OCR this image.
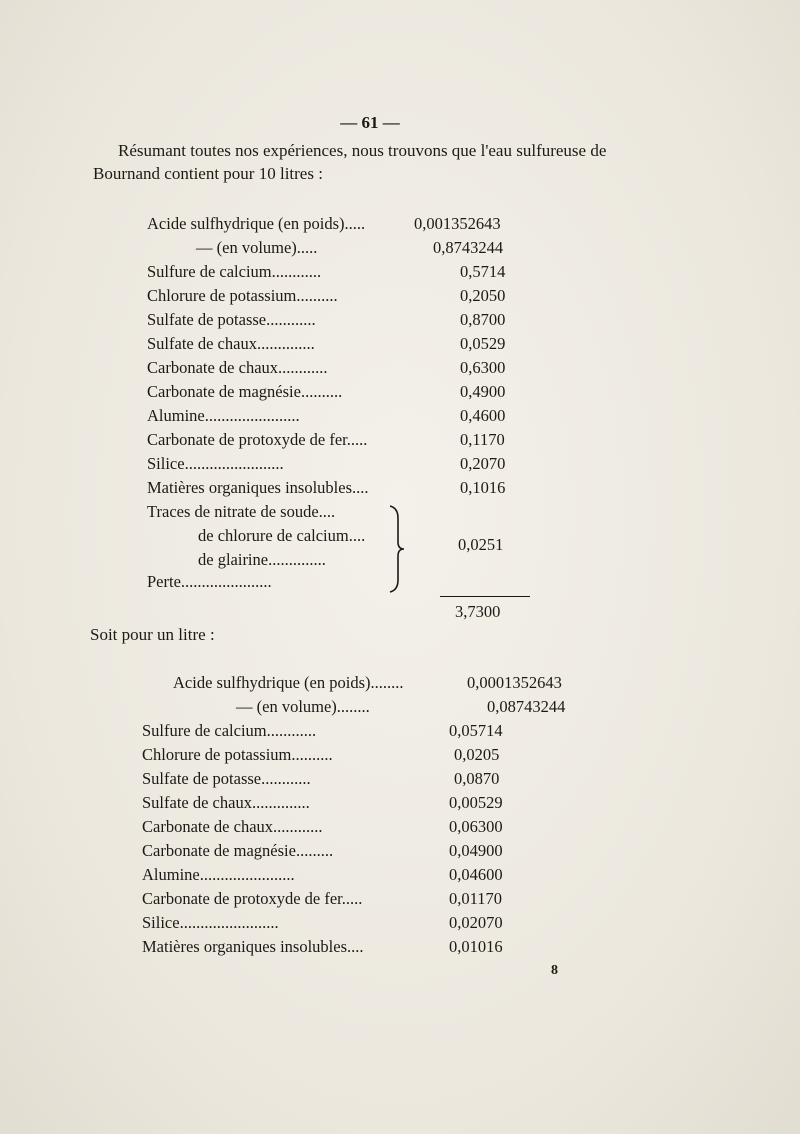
— 61 —
Résumant toutes nos expériences, nous trouvons que l'eau sulfureuse de
Bournand contient pour 10 litres :
Acide sulfhydrique (en poids).....	0,001352643
— (en volume).....	0,8743244
Sulfure de calcium............	0,5714
Chlorure de potassium..........	0,2050
Sulfate de potasse............	0,8700
Sulfate de chaux..............	0,0529
Carbonate de chaux............	0,6300
Carbonate de magnésie..........	0,4900
Alumine.......................	0,4600
Carbonate de protoxyde de fer.....	0,1170
Silice........................	0,2070
Matières organiques insolubles....	0,1016
Traces de nitrate de soude....
de chlorure de calcium....
de glairine..............
Perte......................
0,0251
3,7300
Soit pour un litre :
Acide sulfhydrique (en poids)........	0,0001352643
— (en volume)........	0,08743244
Sulfure de calcium............	0,05714
Chlorure de potassium..........	0,0205
Sulfate de potasse............	0,0870
Sulfate de chaux..............	0,00529
Carbonate de chaux............	0,06300
Carbonate de magnésie.........	0,04900
Alumine.......................	0,04600
Carbonate de protoxyde de fer.....	0,01170
Silice........................	0,02070
Matières organiques insolubles....	0,01016
8
